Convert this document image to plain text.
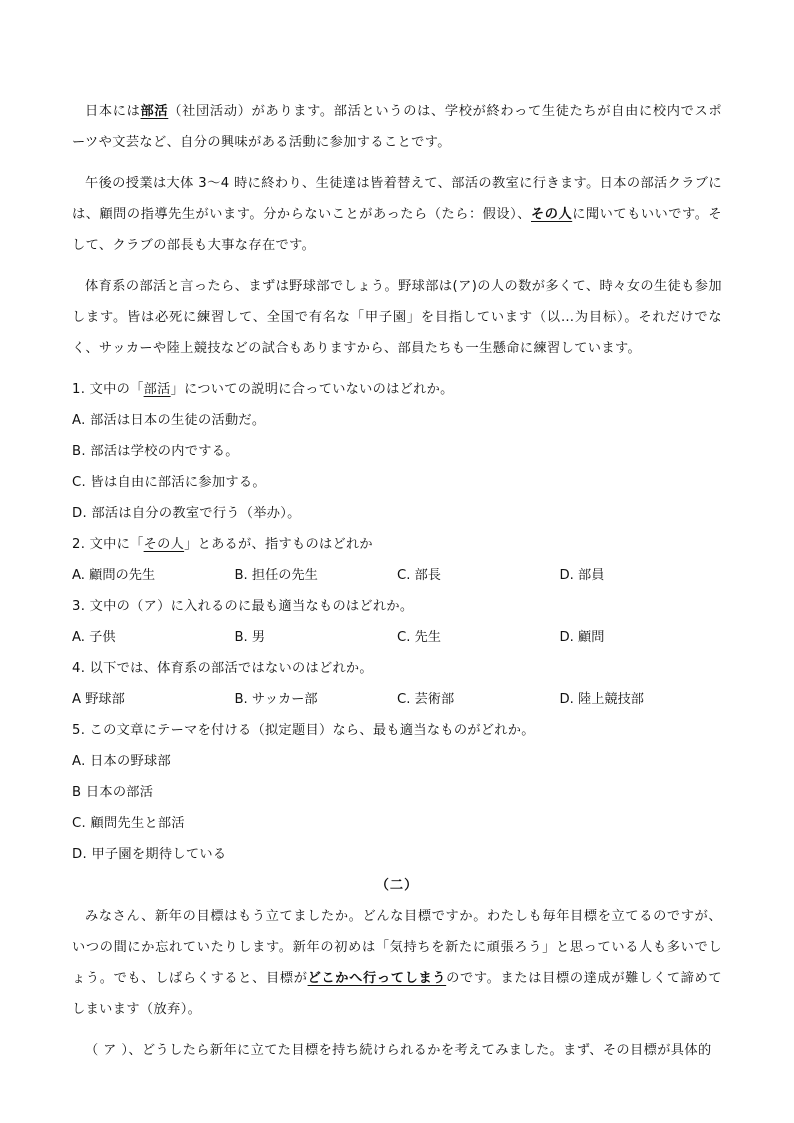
日本には部活（社団活动）があります。部活というのは、学校が終わって生徒たちが自由に校内でスポーツや文芸など、自分の興味がある活動に参加することです。

午後の授業は大体 3～4 時に終わり、生徒達は皆着替えて、部活の教室に行きます。日本の部活クラブには、顧問の指導先生がいます。分からないことがあったら（たら：假设）、その人に聞いてもいいです。そして、クラブの部長も大事な存在です。

体育系の部活と言ったら、まずは野球部でしょう。野球部は(ア)の人の数が多くて、時々女の生徒も参加します。皆は必死に練習して、全国で有名な「甲子園」を目指しています（以…为目标）。それだけでなく、サッカーや陸上競技などの試合もありますから、部員たちも一生懸命に練習しています。

1. 文中の「部活」についての説明に合っていないのはどれか。

A. 部活は日本の生徒の活動だ。

B. 部活は学校の内でする。

C. 皆は自由に部活に参加する。

D. 部活は自分の教室で行う（举办）。

2. 文中に「その人」とあるが、指すものはどれか

A. 顧問の先生	B. 担任の先生	C. 部長	D. 部員

3. 文中の（ア）に入れるのに最も適当なものはどれか。

A. 子供	B. 男	C. 先生	D. 顧問

4. 以下では、体育系の部活ではないのはどれか。

A 野球部	B. サッカー部	C. 芸術部	D. 陸上競技部

5. この文章にテーマを付ける（拟定题目）なら、最も適当なものがどれか。

A. 日本の野球部

B 日本の部活

C. 顧問先生と部活

D. 甲子園を期待している

（二）

みなさん、新年の目標はもう立てましたか。どんな目標ですか。わたしも毎年目標を立てるのですが、いつの間にか忘れていたりします。新年の初めは「気持ちを新たに頑張ろう」と思っている人も多いでしょう。でも、しばらくすると、目標がどこかへ行ってしまうのです。または目標の達成が難しくて諦めてしまいます（放弃）。

（ ア ）、どうしたら新年に立てた目標を持ち続けられるかを考えてみました。まず、その目標が具体的
